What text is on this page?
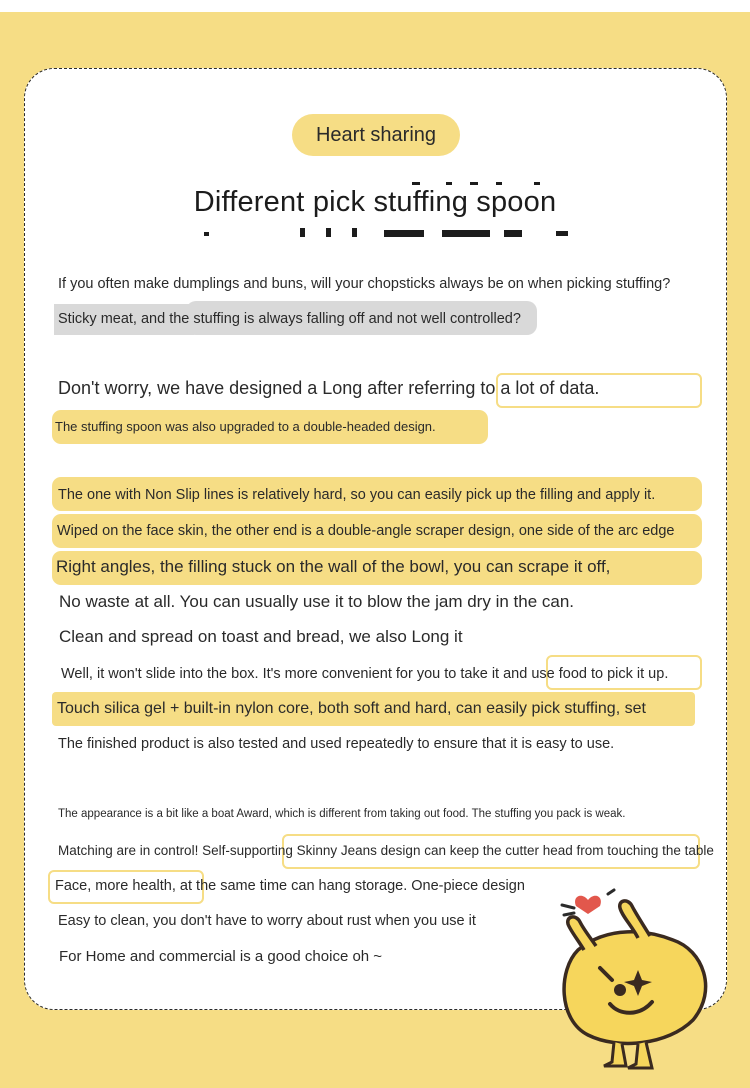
Heart sharing
Different pick stuffing spoon
If you often make dumplings and buns, will your chopsticks always be on when picking stuffing?
Sticky meat, and the stuffing is always falling off and not well controlled?
Don't worry, we have designed a Long after referring to a lot of data.
The stuffing spoon was also upgraded to a double-headed design.
The one with Non Slip lines is relatively hard, so you can easily pick up the filling and apply it.
Wiped on the face skin, the other end is a double-angle scraper design, one side of the arc edge
Right angles, the filling stuck on the wall of the bowl, you can scrape it off,
No waste at all. You can usually use it to blow the jam dry in the can.
Clean and spread on toast and bread, we also Long it
Well, it won't slide into the box. It's more convenient for you to take it and use food to pick it up.
Touch silica gel + built-in nylon core, both soft and hard, can easily pick stuffing, set
The finished product is also tested and used repeatedly to ensure that it is easy to use.
The appearance is a bit like a boat Award, which is different from taking out food. The stuffing you pack is weak.
Matching are in control! Self-supporting Skinny Jeans design can keep the cutter head from touching the table
Face, more health, at the same time can hang storage. One-piece design
Easy to clean, you don't have to worry about rust when you use it
For Home and commercial is a good choice oh ~
